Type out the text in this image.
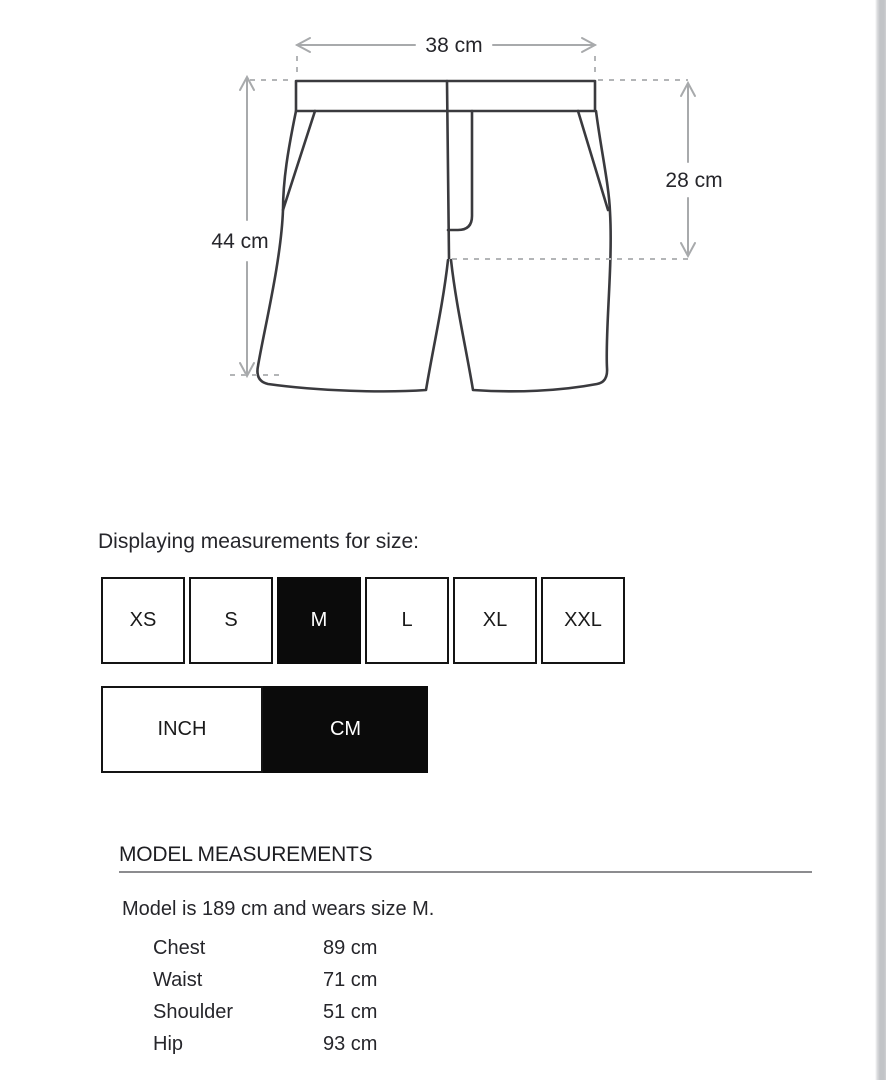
38 cm
44 cm
28 cm
Displaying measurements for size:
XS	S	M	L	XL	XXL
INCH	CM
MODEL MEASUREMENTS
Model is 189 cm and wears size M.
Chest	89 cm
Waist	71 cm
Shoulder	51 cm
Hip	93 cm
